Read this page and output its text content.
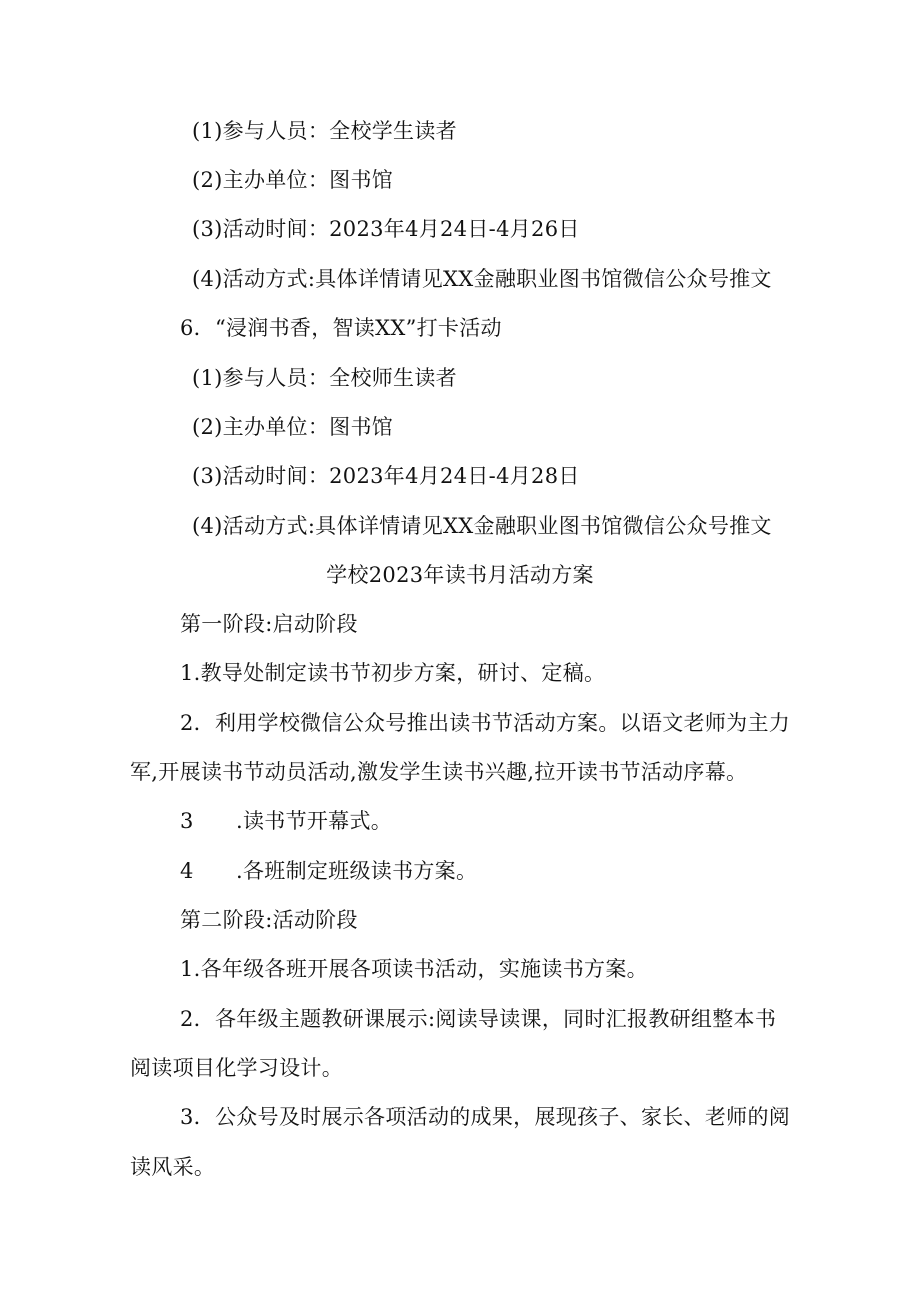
(1)参与人员：全校学生读者
(2)主办单位：图书馆
(3)活动时间：2023年4月24日-4月26日
(4)活动方式:具体详情请见XX金融职业图书馆微信公众号推文
6．“浸润书香，智读XX”打卡活动
(1)参与人员：全校师生读者
(2)主办单位：图书馆
(3)活动时间：2023年4月24日-4月28日
(4)活动方式:具体详情请见XX金融职业图书馆微信公众号推文
学校2023年读书月活动方案
第一阶段:启动阶段
1.教导处制定读书节初步方案，研讨、定稿。
2．利用学校微信公众号推出读书节活动方案。以语文老师为主力
军,开展读书节动员活动,激发学生读书兴趣,拉开读书节活动序幕。
3 .读书节开幕式。
4 .各班制定班级读书方案。
第二阶段:活动阶段
1.各年级各班开展各项读书活动，实施读书方案。
2．各年级主题教研课展示:阅读导读课，同时汇报教研组整本书
阅读项目化学习设计。
3．公众号及时展示各项活动的成果，展现孩子、家长、老师的阅
读风采。
